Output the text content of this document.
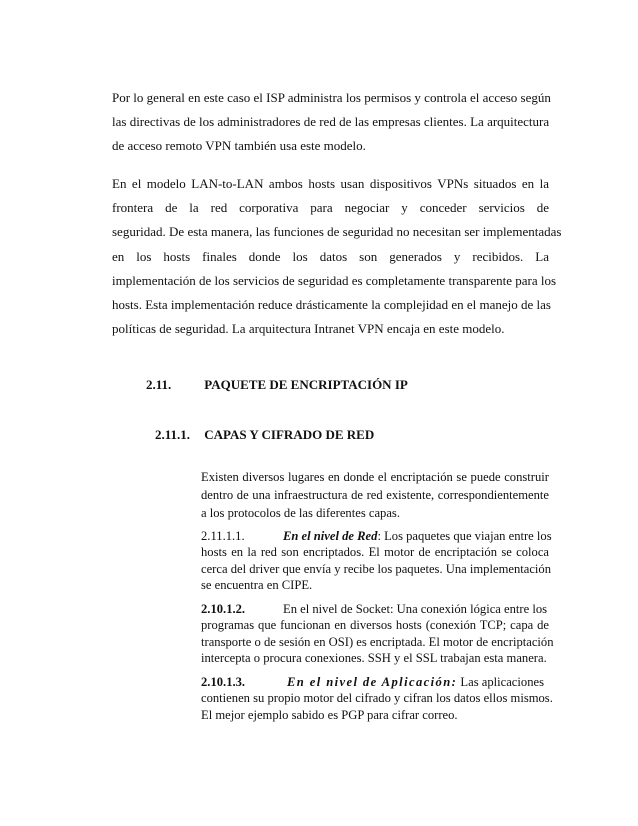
Por lo general en este caso el ISP administra los permisos y controla el acceso según
las directivas de los administradores de red de las empresas clientes. La arquitectura
de acceso remoto VPN también usa este modelo.
En el modelo LAN-to-LAN ambos hosts usan dispositivos VPNs situados en la
frontera de la red corporativa para negociar y conceder servicios de
seguridad. De esta manera, las funciones de seguridad no necesitan ser implementadas
en los hosts finales donde los datos son generados y recibidos. La
implementación de los servicios de seguridad es completamente transparente para los
hosts. Esta implementación reduce drásticamente la complejidad en el manejo de las
políticas de seguridad. La arquitectura Intranet VPN encaja en este modelo.
2.11.	PAQUETE DE ENCRIPTACIÓN IP
2.11.1. CAPAS Y CIFRADO DE RED
Existen diversos lugares en donde el encriptación se puede construir
dentro de una infraestructura de red existente, correspondientemente
a los protocolos de las diferentes capas.
2.11.1.1.	En el nivel de Red: Los paquetes que viajan entre los
hosts en la red son encriptados. El motor de encriptación se coloca
cerca del driver que envía y recibe los paquetes. Una implementación
se encuentra en CIPE.
2.10.1.2.	En el nivel de Socket: Una conexión lógica entre los
programas que funcionan en diversos hosts (conexión TCP; capa de
transporte o de sesión en OSI) es encriptada. El motor de encriptación
intercepta o procura conexiones. SSH y el SSL trabajan esta manera.
2.10.1.3.	En el nivel de Aplicación: Las aplicaciones
contienen su propio motor del cifrado y cifran los datos ellos mismos.
El mejor ejemplo sabido es PGP para cifrar correo.
